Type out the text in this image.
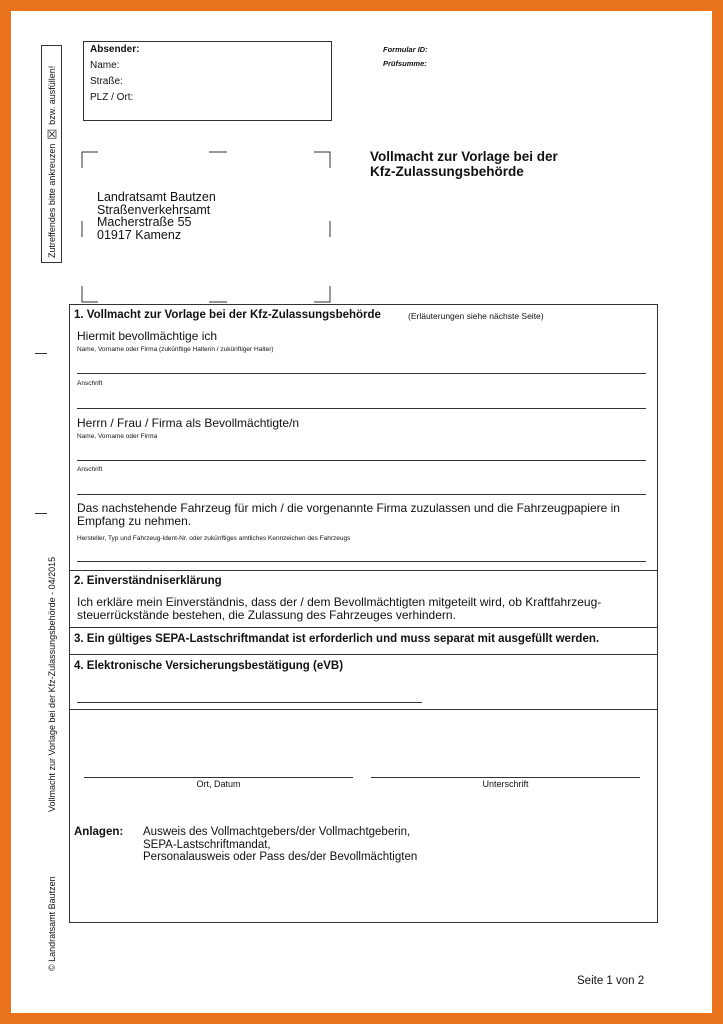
Zutreffendes bitte ankreuzen
☒
bzw. ausfüllen!
Absender:
Name:
Straße:
PLZ / Ort:
Formular ID:
Prüfsumme:
Landratsamt Bautzen
Straßenverkehrsamt
Macherstraße 55
01917 Kamenz
Vollmacht zur Vorlage bei der
Kfz-Zulassungsbehörde
1. Vollmacht zur Vorlage bei der Kfz-Zulassungsbehörde	(Erläuterungen siehe nächste Seite)
Hiermit bevollmächtige ich
Name, Vorname oder Firma (zukünftige Halterin / zukünftiger Halter)
Anschrift
Herrn / Frau / Firma als Bevollmächtigte/n
Name, Vorname oder Firma
Anschrift
Das nachstehende Fahrzeug für mich / die vorgenannte Firma zuzulassen und die Fahrzeugpapiere in
Empfang zu nehmen.
Hersteller, Typ und Fahrzeug-Ident-Nr. oder zukünftiges amtliches Kennzeichen des Fahrzeugs
2. Einverständniserklärung
Ich erkläre mein Einverständnis, dass der / dem Bevollmächtigten mitgeteilt wird, ob Kraftfahrzeug-
steuerrückstände bestehen, die Zulassung des Fahrzeuges verhindern.
3. Ein gültiges SEPA-Lastschriftmandat ist erforderlich und muss separat mit ausgefüllt werden.
4. Elektronische Versicherungsbestätigung (eVB)
Ort, Datum	Unterschrift
Anlagen: Ausweis des Vollmachtgebers/der Vollmachtgeberin,
SEPA-Lastschriftmandat,
Personalausweis oder Pass des/der Bevollmächtigten
Vollmacht zur Vorlage bei der Kfz-Zulassungsbehörde - 04/2015
© Landratsamt Bautzen
Seite 1 von 2
